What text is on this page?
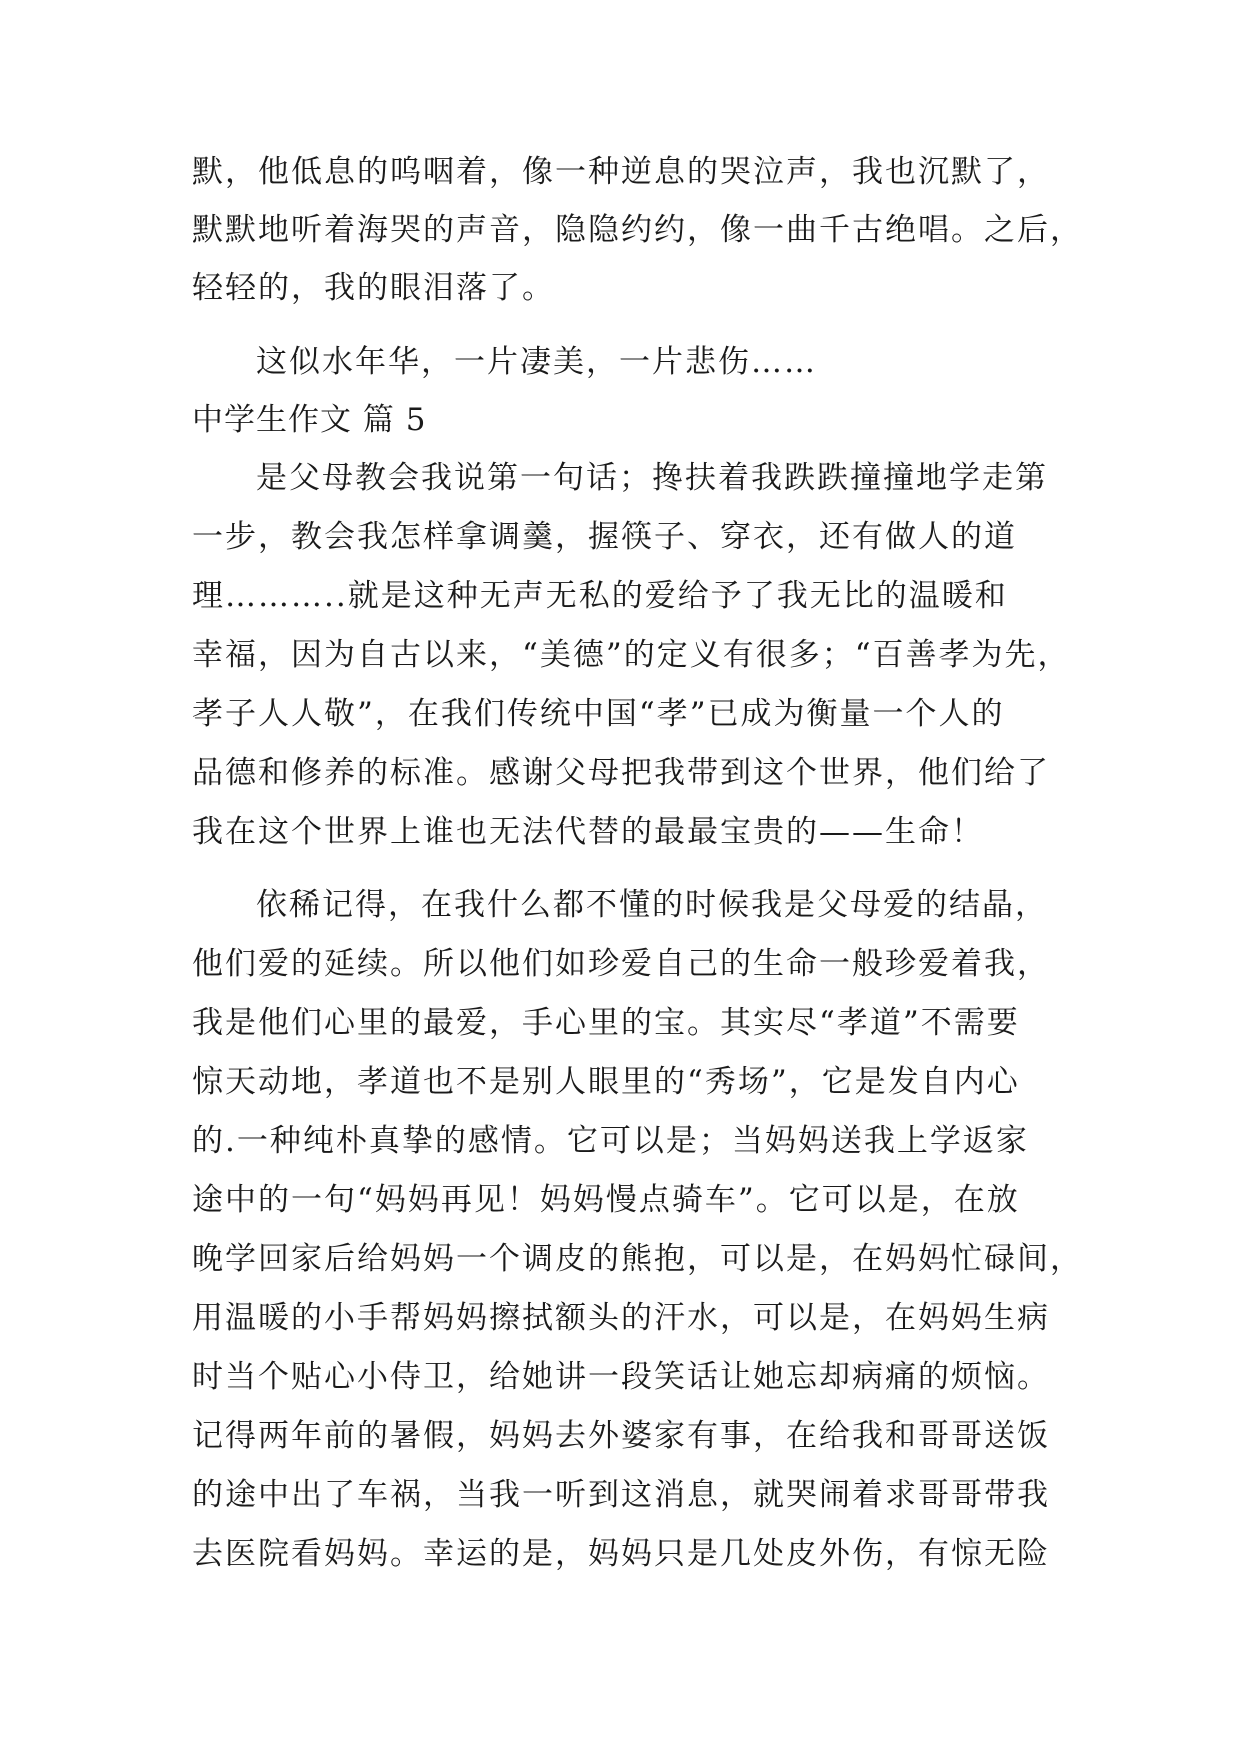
默，他低息的呜咽着，像一种逆息的哭泣声，我也沉默了，
默默地听着海哭的声音，隐隐约约，像一曲千古绝唱。之后，
轻轻的，我的眼泪落了。
这似水年华，一片凄美，一片悲伤……
中学生作文 篇 5
是父母教会我说第一句话；搀扶着我跌跌撞撞地学走第
一步，教会我怎样拿调羹，握筷子、穿衣，还有做人的道
理………..就是这种无声无私的爱给予了我无比的温暖和
幸福，因为自古以来，“美德”的定义有很多；“百善孝为先，
孝子人人敬”，在我们传统中国“孝”已成为衡量一个人的
品德和修养的标准。感谢父母把我带到这个世界，他们给了
我在这个世界上谁也无法代替的最最宝贵的——生命！
依稀记得，在我什么都不懂的时候我是父母爱的结晶，
他们爱的延续。所以他们如珍爱自己的生命一般珍爱着我，
我是他们心里的最爱，手心里的宝。其实尽“孝道”不需要
惊天动地，孝道也不是别人眼里的“秀场”，它是发自内心
的.一种纯朴真挚的感情。它可以是；当妈妈送我上学返家
途中的一句“妈妈再见！妈妈慢点骑车”。它可以是，在放
晚学回家后给妈妈一个调皮的熊抱，可以是，在妈妈忙碌间，
用温暖的小手帮妈妈擦拭额头的汗水，可以是，在妈妈生病
时当个贴心小侍卫，给她讲一段笑话让她忘却病痛的烦恼。
记得两年前的暑假，妈妈去外婆家有事，在给我和哥哥送饭
的途中出了车祸，当我一听到这消息，就哭闹着求哥哥带我
去医院看妈妈。幸运的是，妈妈只是几处皮外伤，有惊无险
